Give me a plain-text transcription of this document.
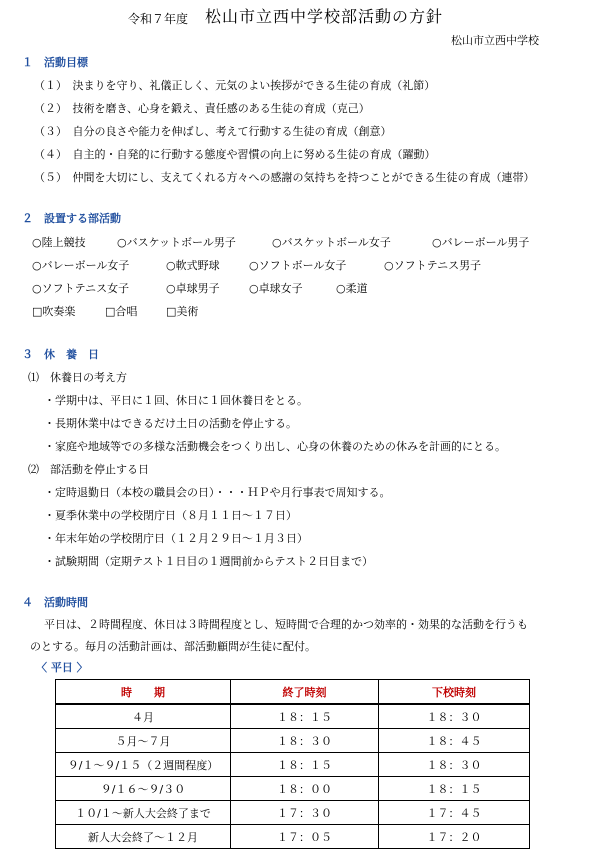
令和７年度 松山市立西中学校部活動の方針
松山市立西中学校
１　活動目標
（１）　決まりを守り、礼儀正しく、元気のよい挨拶ができる生徒の育成（礼節）
（２）　技術を磨き、心身を鍛え、責任感のある生徒の育成（克己）
（３）　自分の良さや能力を伸ばし、考えて行動する生徒の育成（創意）
（４）　自主的・自発的に行動する態度や習慣の向上に努める生徒の育成（躍動）
（５）　仲間を大切にし、支えてくれる方々への感謝の気持ちを持つことができる生徒の育成（連帯）
２　設置する部活動
○陸上競技	○バスケットボール男子	○バスケットボール女子	○バレーボール男子
○バレーボール女子	○軟式野球	○ソフトボール女子	○ソフトテニス男子
○ソフトテニス女子	○卓球男子	○卓球女子	○柔道
□吹奏楽	□合唱	□美術
３　休　養　日
⑴　休養日の考え方
・学期中は、平日に１回、休日に１回休養日をとる。
・長期休業中はできるだけ土日の活動を停止する。
・家庭や地域等での多様な活動機会をつくり出し、心身の休養のための休みを計画的にとる。
⑵　部活動を停止する日
・定時退勤日（本校の職員会の日）・・・ＨＰや月行事表で周知する。
・夏季休業中の学校閉庁日（８月１１日～１７日）
・年末年始の学校閉庁日（１２月２９日～１月３日）
・試験期間（定期テスト１日目の１週間前からテスト２日目まで）
４　活動時間
平日は、２時間程度、休日は３時間程度とし、短時間で合理的かつ効率的・効果的な活動を行うも
のとする。毎月の活動計画は、部活動顧問が生徒に配付。
〈 平日 〉
時　　期	終了時刻	下校時刻
４月	１８：１５	１８：３０
５月～７月	１８：３０	１８：４５
９/１～９/１５（２週間程度）	１８：１５	１８：３０
９/１６～９/３０	１８：００	１８：１５
１０/１～新人大会終了まで	１７：３０	１７：４５
新人大会終了～１２月	１７：０５	１７：２０
